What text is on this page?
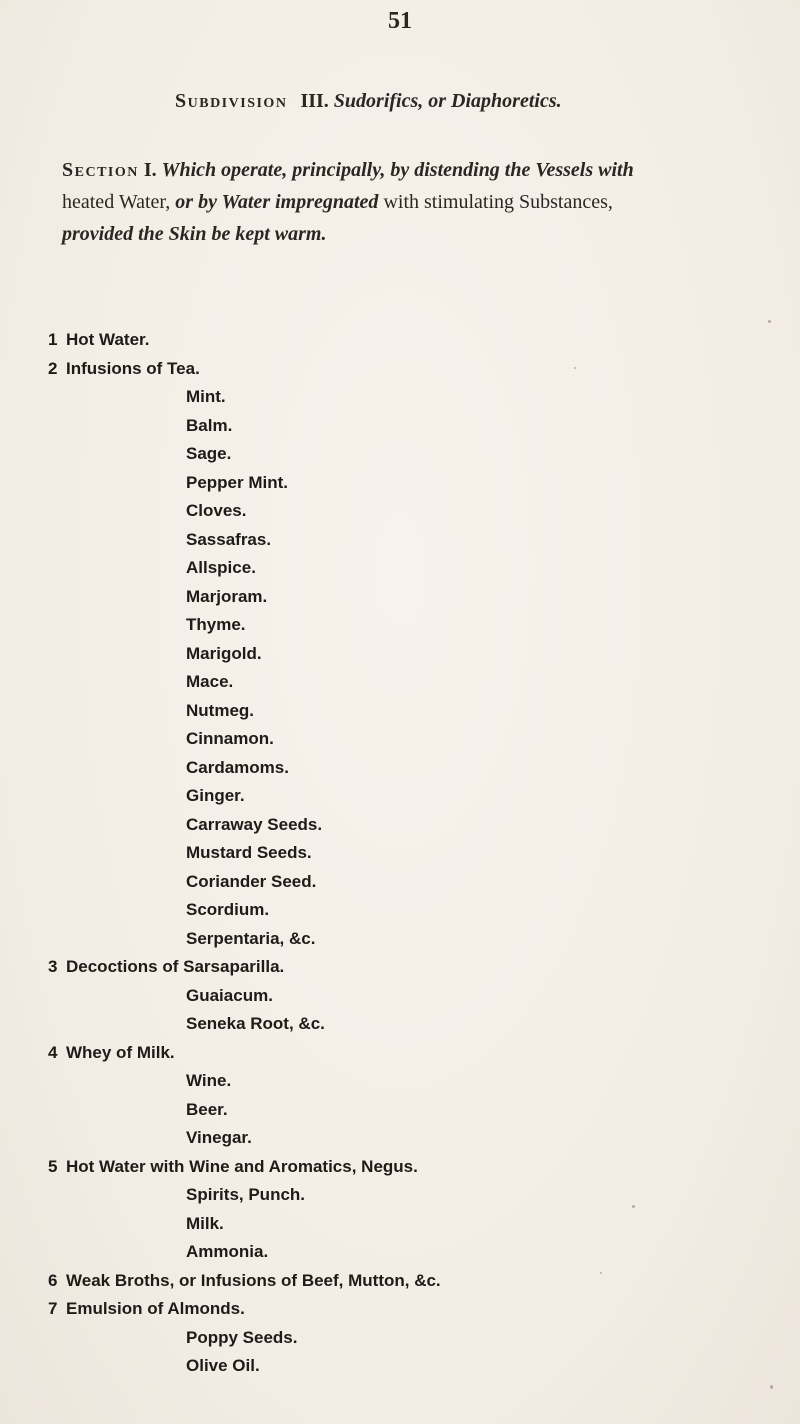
51
Subdivision III. Sudorifics, or Diaphoretics.
Section I. Which operate, principally, by distending the Vessels with
heated Water, or by Water impregnated with stimulating Substances,
provided the Skin be kept warm.
1 Hot Water.
2 Infusions of Tea.
Mint.
Balm.
Sage.
Pepper Mint.
Cloves.
Sassafras.
Allspice.
Marjoram.
Thyme.
Marigold.
Mace.
Nutmeg.
Cinnamon.
Cardamoms.
Ginger.
Carraway Seeds.
Mustard Seeds.
Coriander Seed.
Scordium.
Serpentaria, &c.
3 Decoctions of Sarsaparilla.
Guaiacum.
Seneka Root, &c.
4 Whey of Milk.
Wine.
Beer.
Vinegar.
5 Hot Water with Wine and Aromatics, Negus.
Spirits, Punch.
Milk.
Ammonia.
6 Weak Broths, or Infusions of Beef, Mutton, &c.
7 Emulsion of Almonds.
Poppy Seeds.
Olive Oil.
